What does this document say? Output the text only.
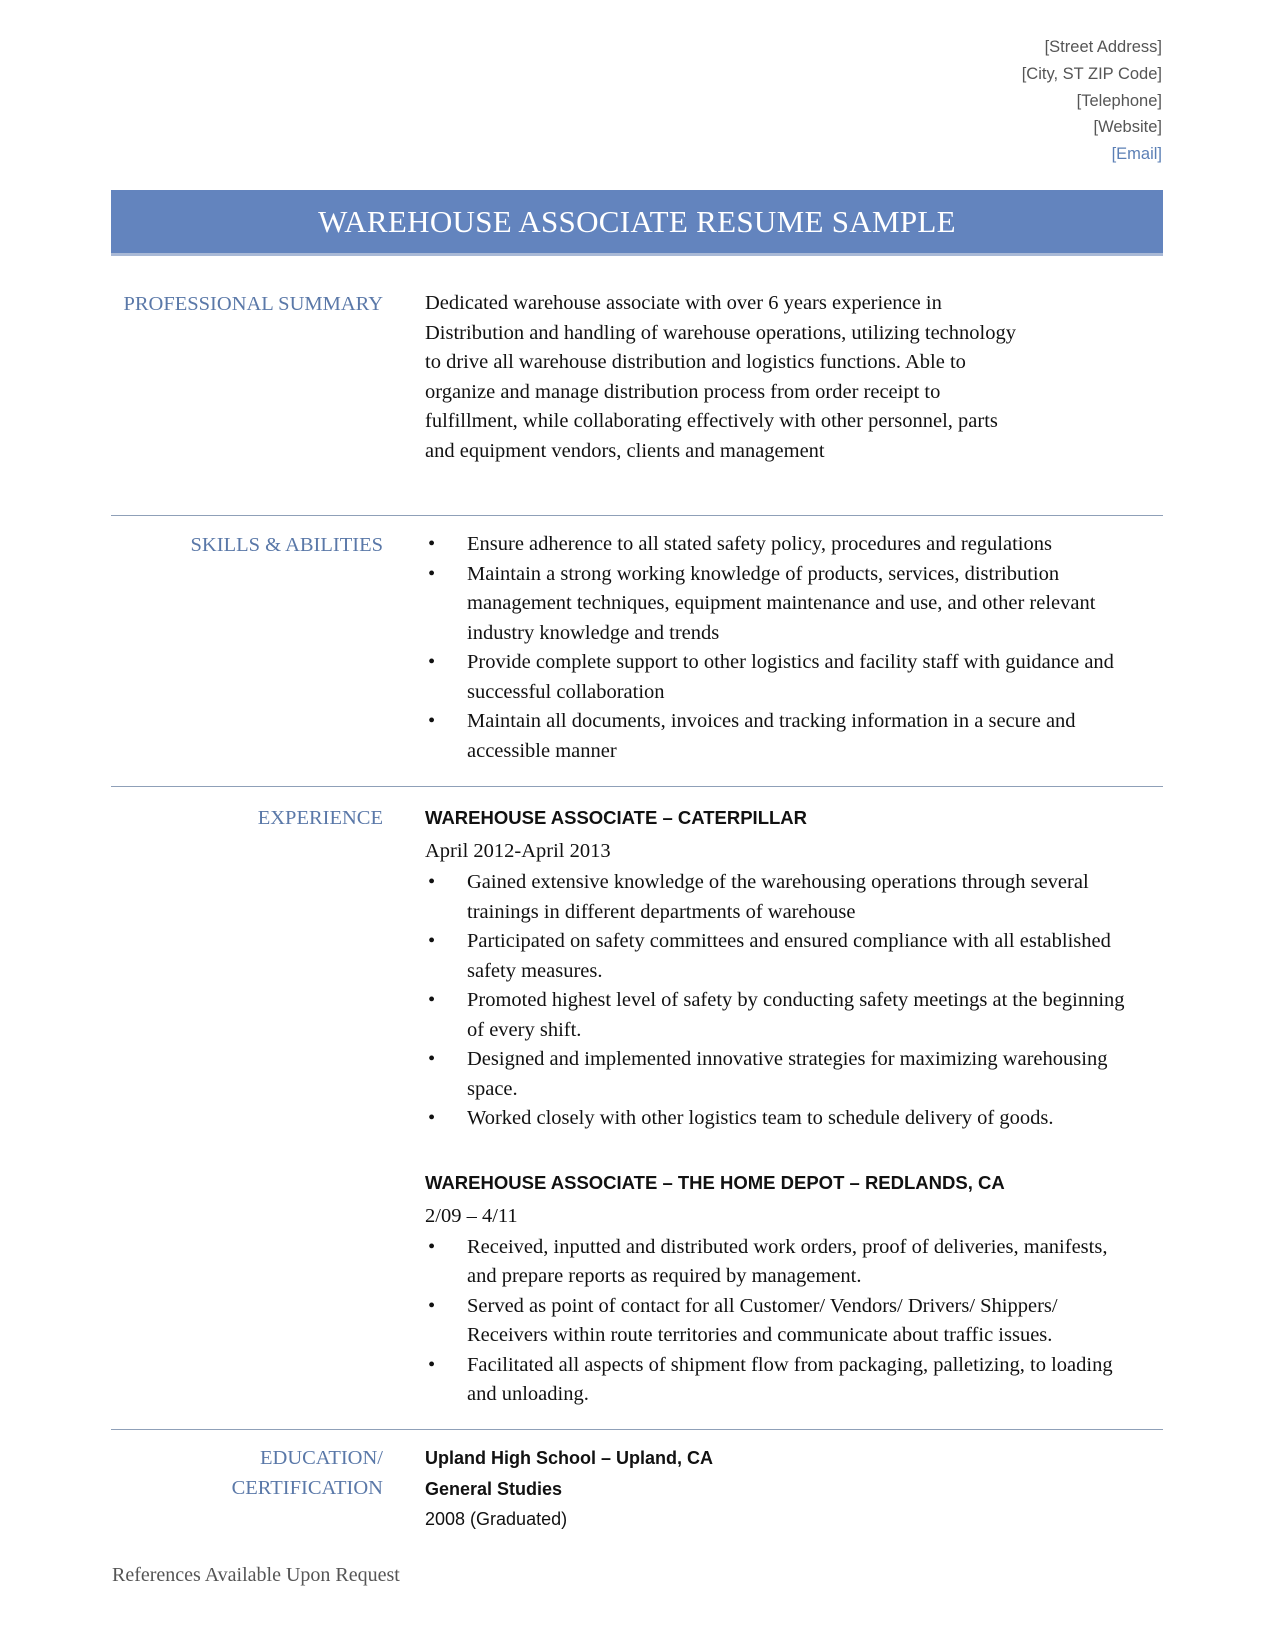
[Street Address]
[City, ST ZIP Code]
[Telephone]
[Website]
[Email]
WAREHOUSE ASSOCIATE RESUME SAMPLE
PROFESSIONAL SUMMARY Dedicated warehouse associate with over 6 years experience in Distribution and handling of warehouse operations, utilizing technology to drive all warehouse distribution and logistics functions. Able to organize and manage distribution process from order receipt to fulfillment, while collaborating effectively with other personnel, parts and equipment vendors, clients and management
SKILLS & ABILITIES	• Ensure adherence to all stated safety policy, procedures and regulations
• Maintain a strong working knowledge of products, services, distribution management techniques, equipment maintenance and use, and other relevant industry knowledge and trends
• Provide complete support to other logistics and facility staff with guidance and successful collaboration
• Maintain all documents, invoices and tracking information in a secure and accessible manner
EXPERIENCE WAREHOUSE ASSOCIATE – CATERPILLAR
April 2012-April 2013
• Gained extensive knowledge of the warehousing operations through several trainings in different departments of warehouse
• Participated on safety committees and ensured compliance with all established safety measures.
• Promoted highest level of safety by conducting safety meetings at the beginning of every shift.
• Designed and implemented innovative strategies for maximizing warehousing space.
• Worked closely with other logistics team to schedule delivery of goods.
WAREHOUSE ASSOCIATE – THE HOME DEPOT – REDLANDS, CA
2/09 – 4/11
• Received, inputted and distributed work orders, proof of deliveries, manifests, and prepare reports as required by management.
• Served as point of contact for all Customer/ Vendors/ Drivers/ Shippers/ Receivers within route territories and communicate about traffic issues.
• Facilitated all aspects of shipment flow from packaging, palletizing, to loading and unloading.
EDUCATION/
CERTIFICATION
Upland High School – Upland, CA
General Studies
2008 (Graduated)
References Available Upon Request
